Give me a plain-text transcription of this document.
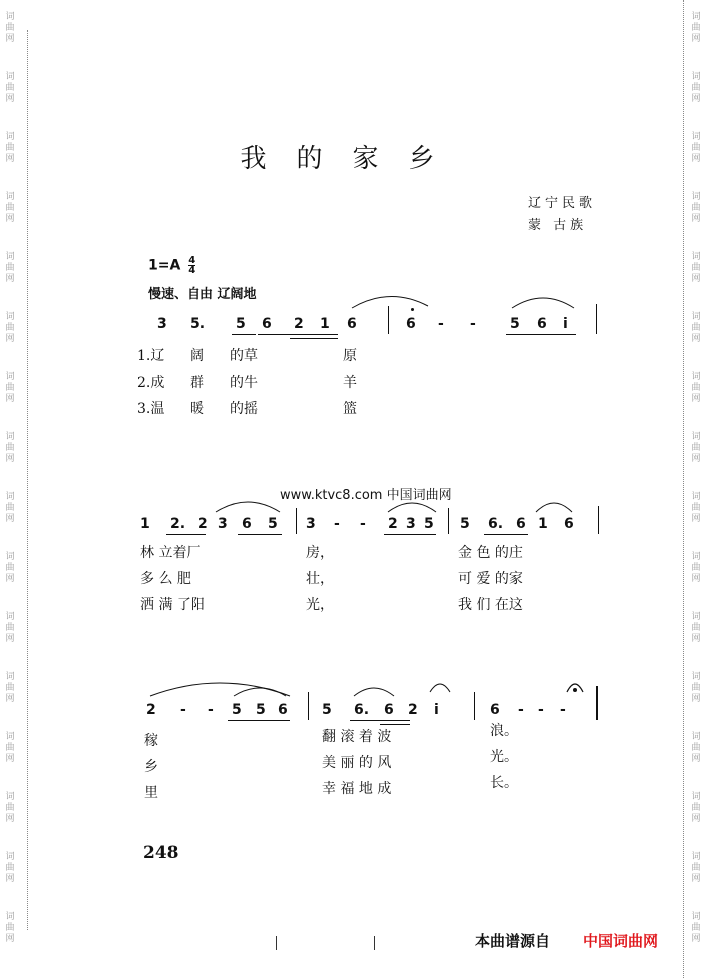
词
曲
网
词
曲
网
词
曲
网
词
曲
网
词
曲
网
词
曲
网
词
曲
网
词
曲
网
词
曲
网
词
曲
网
词
曲
网
词
曲
网
词
曲
网
词
曲
网
词
曲
网
词
曲
网
词
曲
网
词
曲
网
词
曲
网
词
曲
网
词
曲
网
词
曲
网
词
曲
网
词
曲
网
词
曲
网
词
曲
网
词
曲
网
词
曲
网
词
曲
网
词
曲
网
词
曲
网
词
曲
网
我的家乡
辽宁民歌
蒙 古族
$1=A \frac{4}{4}$
慢速、自由 辽阔地
3 5. 5 6 2 1 6	6 - - 5 6 i
1.辽 阔 的草	原
2.成 群 的牛	羊
3.温 暖 的摇	篮
www.ktvc8.com 中国词曲网
1 2. 2 3 6 5 3 - - 2 3 5 5 6. 6 1 6
林 立着厂	房，	金 色 的庄
多 么 肥	壮，	可 爱 的家
洒 满 了阳	光，	我 们 在这
2 - - 5 5 6 5 6. 6 2 i	6 - - -
稼	翻 滚 着 波	浪。
乡	美 丽 的 风	光。
里	幸 福 地 成	长。
248
本曲谱源自 中国词曲网
